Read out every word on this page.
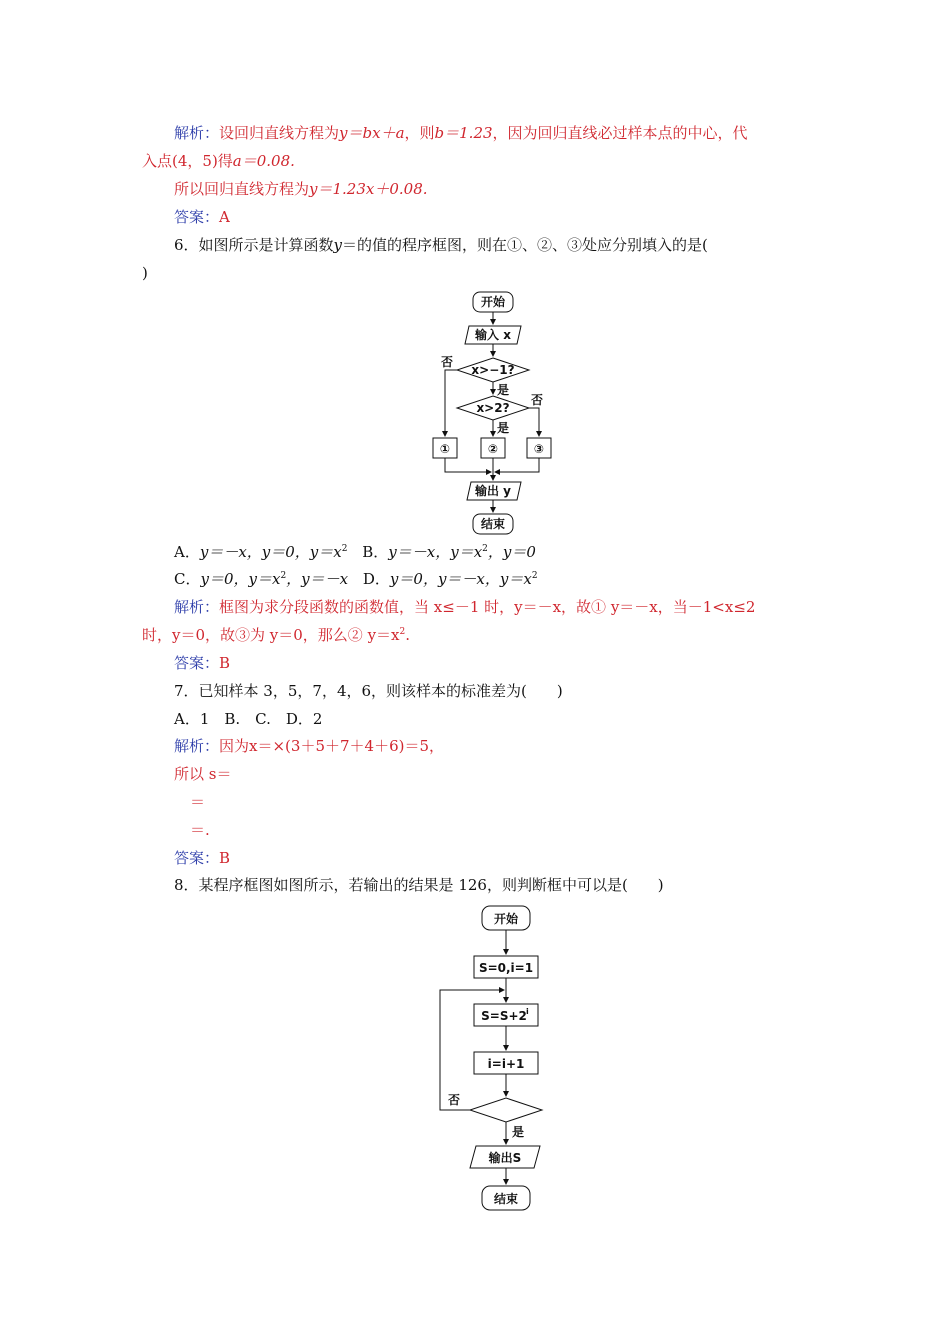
解析：设回归直线方程为y＝bx＋a，则b＝1.23，因为回归直线必过样本点的中心，代
入点(4，5)得a＝0.08.
所以回归直线方程为y＝1.23x＋0.08.
答案：A
6．如图所示是计算函数y＝的值的程序框图，则在①、②、③处应分别填入的是(
)
开始
输入 x
x>−1?
x>2?
否
是
否
是
①	②	③
输出 y
结束
A．y＝－x，y＝0，$y=x^2$ B．y＝－x，$y=x^2$，y＝0
C．y＝0，$y=x^2$，y＝－x D．y＝0，y＝－x，$y=x^2$
解析：框图为求分段函数的函数值，当 x≤－1 时，y＝－x，故① y＝－x，当－1<x≤2
时，y＝0，故③为 y＝0，那么② $y=x^2$.
答案：B
7．已知样本 3，5，7，4，6，则该样本的标准差为(　　)
A．1　B.　C.　D．2
解析：因为x＝×(3＋5＋7＋4＋6)＝5，
所以 s＝
＝
＝.
答案：B
8．某程序框图如图所示，若输出的结果是 126，则判断框中可以是(　　)
开始
S=0,i=1
S=S+2 i
i=i+1
否
是
输出S
结束
